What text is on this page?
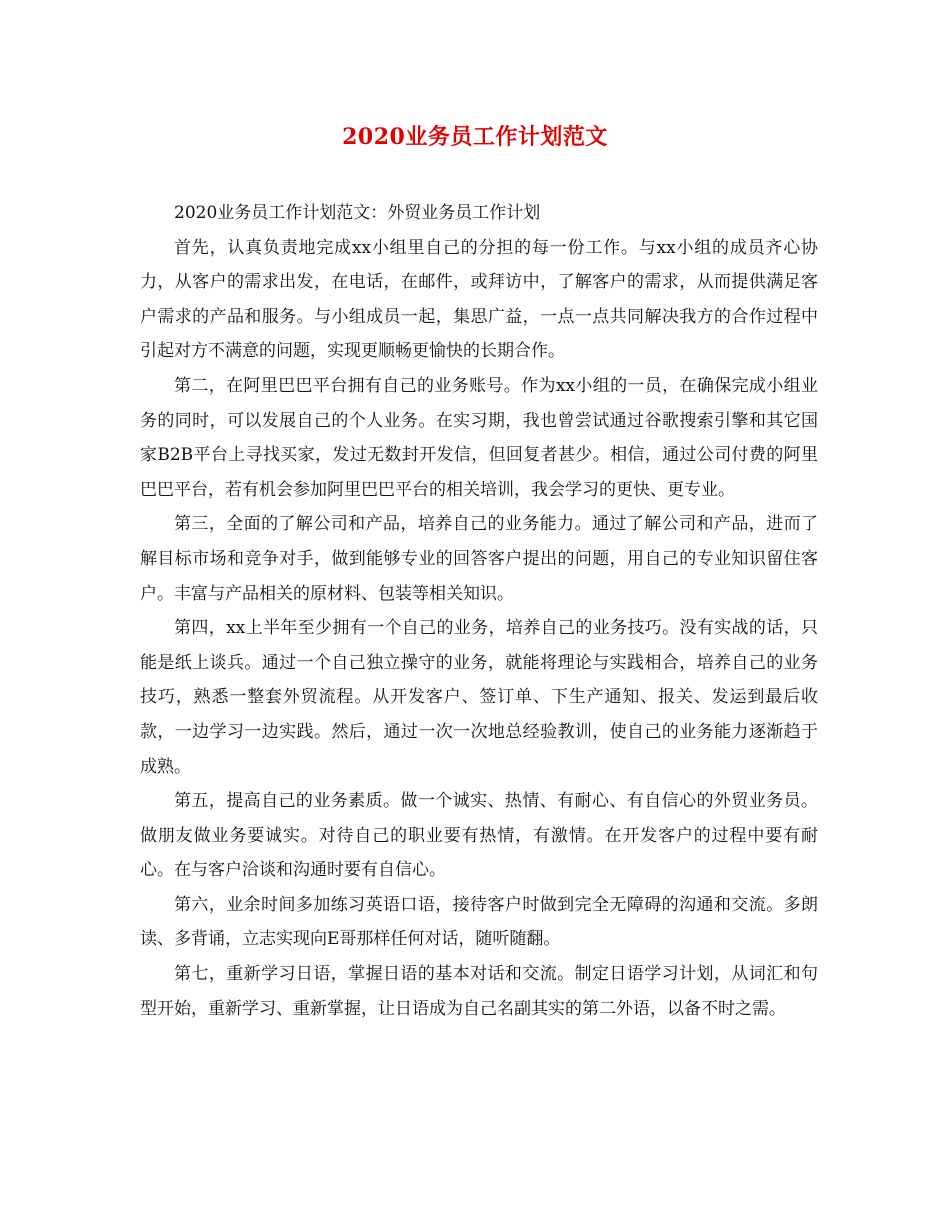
2020业务员工作计划范文

2020业务员工作计划范文：外贸业务员工作计划

首先，认真负责地完成xx小组里自己的分担的每一份工作。与xx小组的成员齐心协力，从客户的需求出发，在电话，在邮件，或拜访中，了解客户的需求，从而提供满足客户需求的产品和服务。与小组成员一起，集思广益，一点一点共同解决我方的合作过程中引起对方不满意的问题，实现更顺畅更愉快的长期合作。

第二，在阿里巴巴平台拥有自己的业务账号。作为xx小组的一员，在确保完成小组业务的同时，可以发展自己的个人业务。在实习期，我也曾尝试通过谷歌搜索引擎和其它国家B2B平台上寻找买家，发过无数封开发信，但回复者甚少。相信，通过公司付费的阿里巴巴平台，若有机会参加阿里巴巴平台的相关培训，我会学习的更快、更专业。

第三，全面的了解公司和产品，培养自己的业务能力。通过了解公司和产品，进而了解目标市场和竞争对手，做到能够专业的回答客户提出的问题，用自己的专业知识留住客户。丰富与产品相关的原材料、包装等相关知识。

第四，xx上半年至少拥有一个自己的业务，培养自己的业务技巧。没有实战的话，只能是纸上谈兵。通过一个自己独立操守的业务，就能将理论与实践相合，培养自己的业务技巧，熟悉一整套外贸流程。从开发客户、签订单、下生产通知、报关、发运到最后收款，一边学习一边实践。然后，通过一次一次地总经验教训，使自己的业务能力逐渐趋于成熟。

第五，提高自己的业务素质。做一个诚实、热情、有耐心、有自信心的外贸业务员。做朋友做业务要诚实。对待自己的职业要有热情，有激情。在开发客户的过程中要有耐心。在与客户洽谈和沟通时要有自信心。

第六，业余时间多加练习英语口语，接待客户时做到完全无障碍的沟通和交流。多朗读、多背诵，立志实现向E哥那样任何对话，随听随翻。

第七，重新学习日语，掌握日语的基本对话和交流。制定日语学习计划，从词汇和句型开始，重新学习、重新掌握，让日语成为自己名副其实的第二外语，以备不时之需。
